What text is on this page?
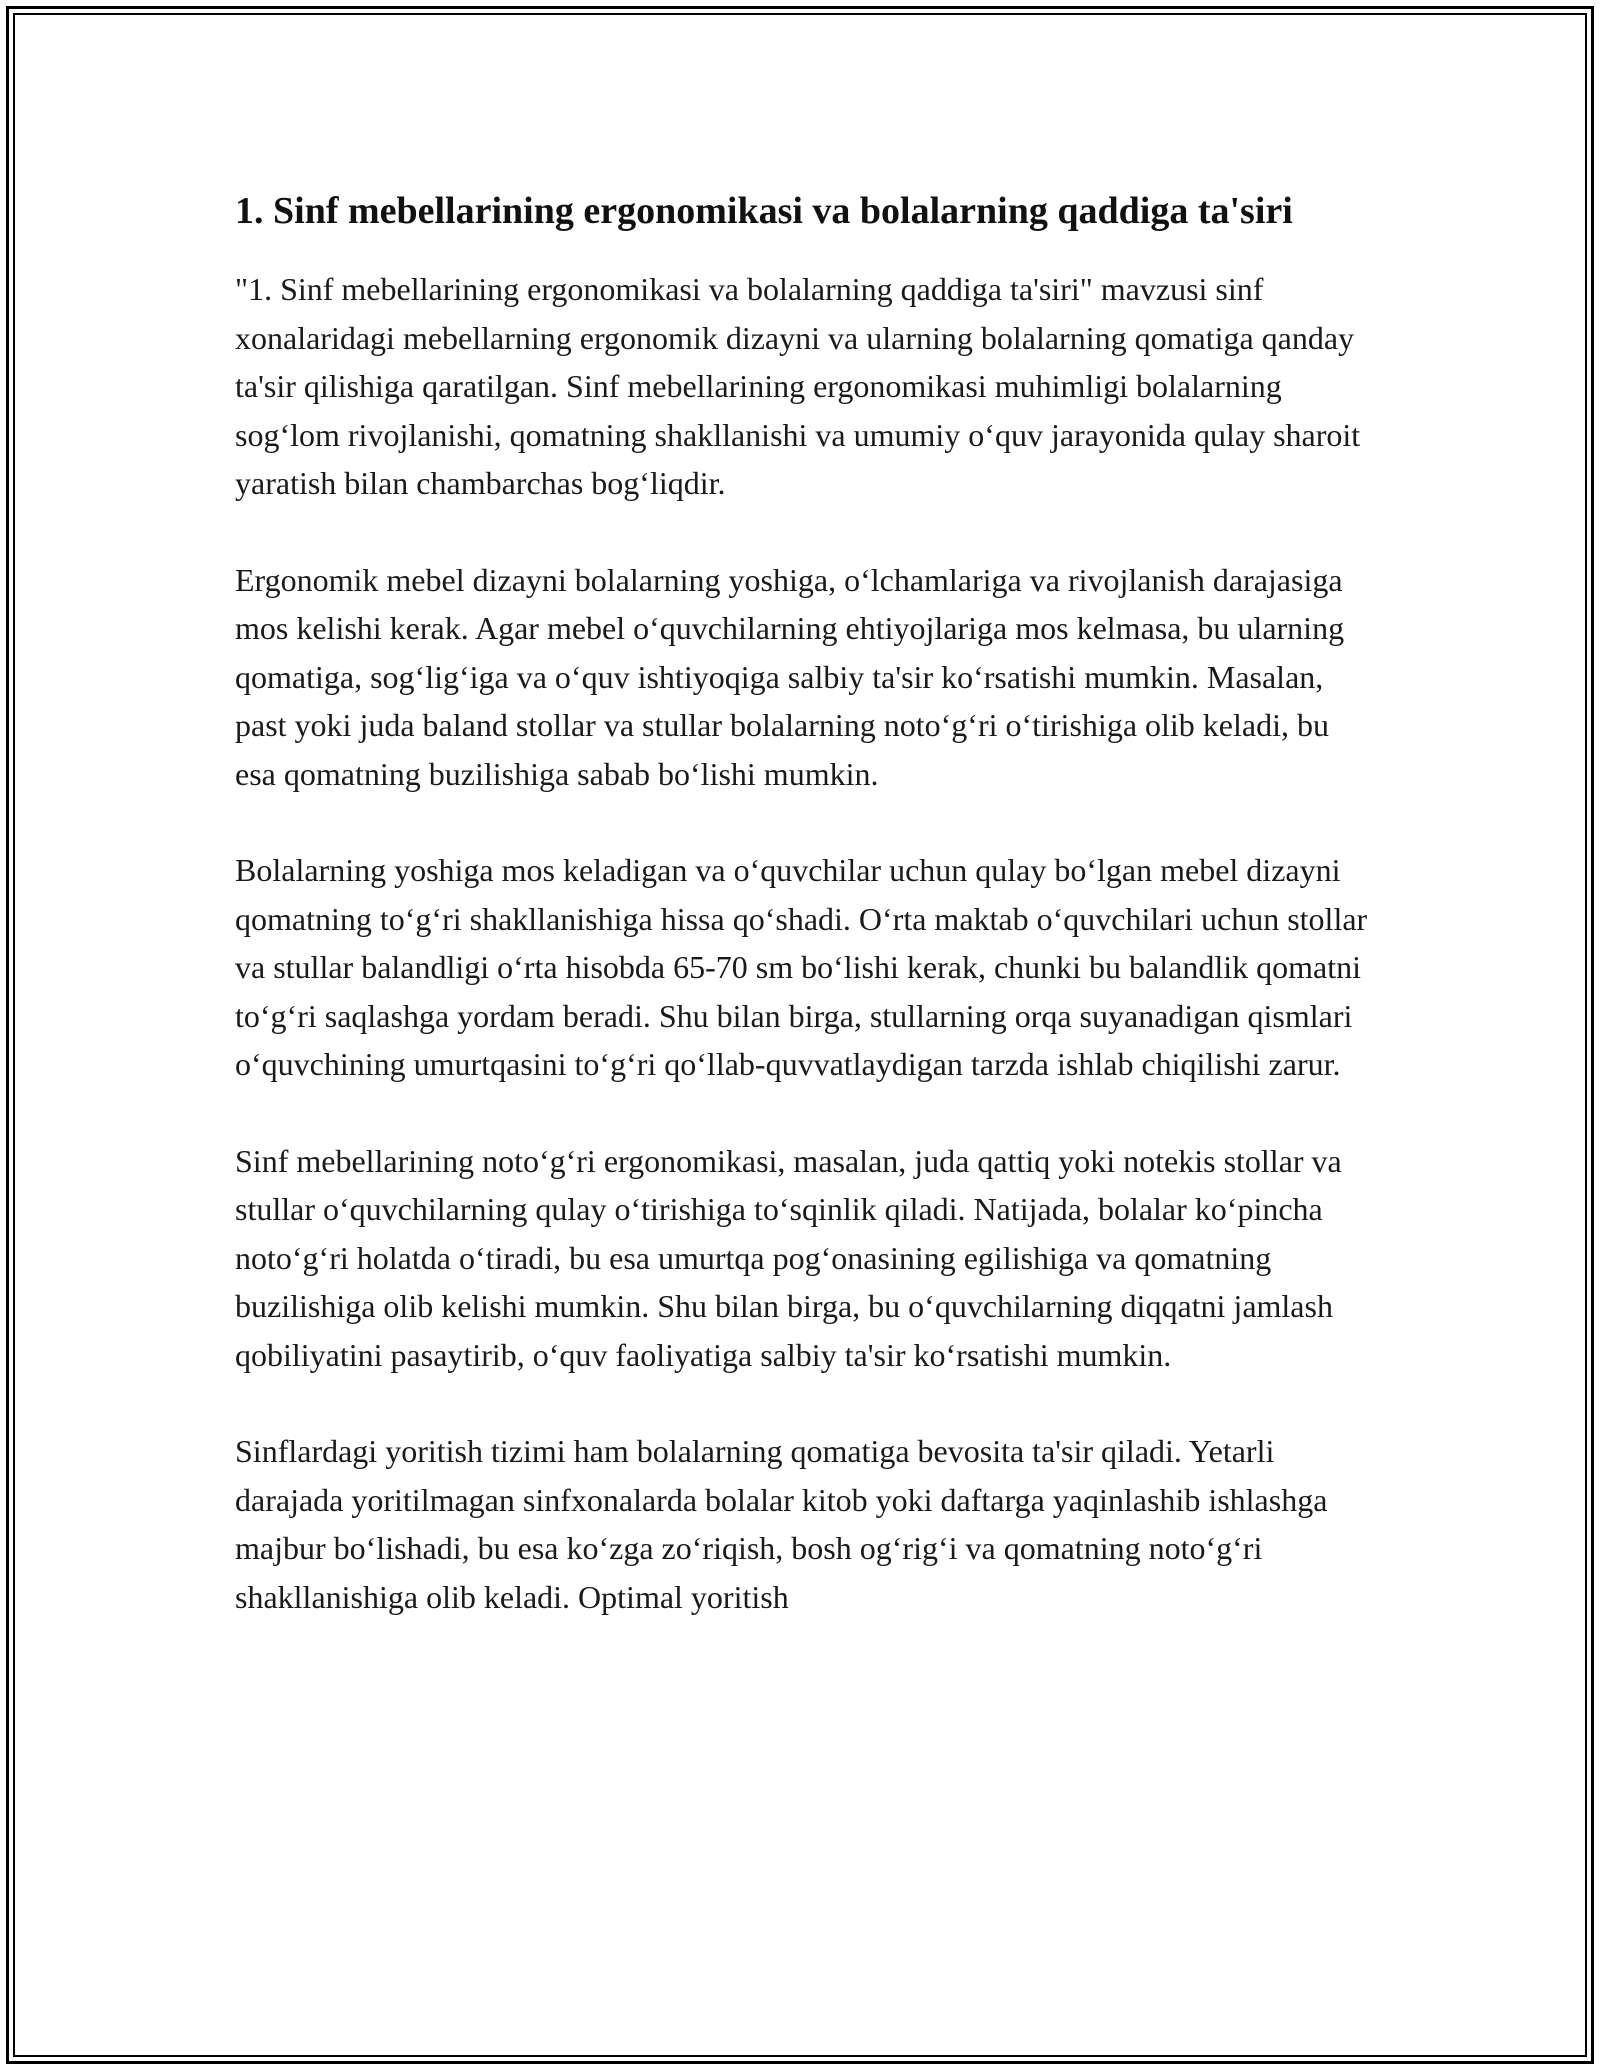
1. Sinf mebellarining ergonomikasi va bolalarning qaddiga ta'siri

"1. Sinf mebellarining ergonomikasi va bolalarning qaddiga ta'siri" mavzusi sinf xonalaridagi mebellarning ergonomik dizayni va ularning bolalarning qomatiga qanday ta'sir qilishiga qaratilgan. Sinf mebellarining ergonomikasi muhimligi bolalarning sog‘lom rivojlanishi, qomatning shakllanishi va umumiy o‘quv jarayonida qulay sharoit yaratish bilan chambarchas bog‘liqdir.

Ergonomik mebel dizayni bolalarning yoshiga, o‘lchamlariga va rivojlanish darajasiga mos kelishi kerak. Agar mebel o‘quvchilarning ehtiyojlariga mos kelmasa, bu ularning qomatiga, sog‘lig‘iga va o‘quv ishtiyoqiga salbiy ta'sir ko‘rsatishi mumkin. Masalan, past yoki juda baland stollar va stullar bolalarning noto‘g‘ri o‘tirishiga olib keladi, bu esa qomatning buzilishiga sabab bo‘lishi mumkin.

Bolalarning yoshiga mos keladigan va o‘quvchilar uchun qulay bo‘lgan mebel dizayni qomatning to‘g‘ri shakllanishiga hissa qo‘shadi. O‘rta maktab o‘quvchilari uchun stollar va stullar balandligi o‘rta hisobda 65-70 sm bo‘lishi kerak, chunki bu balandlik qomatni to‘g‘ri saqlashga yordam beradi. Shu bilan birga, stullarning orqa suyanadigan qismlari o‘quvchining umurtqasini to‘g‘ri qo‘llab-quvvatlaydigan tarzda ishlab chiqilishi zarur.

Sinf mebellarining noto‘g‘ri ergonomikasi, masalan, juda qattiq yoki notekis stollar va stullar o‘quvchilarning qulay o‘tirishiga to‘sqinlik qiladi. Natijada, bolalar ko‘pincha noto‘g‘ri holatda o‘tiradi, bu esa umurtqa pog‘onasining egilishiga va qomatning buzilishiga olib kelishi mumkin. Shu bilan birga, bu o‘quvchilarning diqqatni jamlash qobiliyatini pasaytirib, o‘quv faoliyatiga salbiy ta'sir ko‘rsatishi mumkin.

Sinflardagi yoritish tizimi ham bolalarning qomatiga bevosita ta'sir qiladi. Yetarli darajada yoritilmagan sinfxonalarda bolalar kitob yoki daftarga yaqinlashib ishlashga majbur bo‘lishadi, bu esa ko‘zga zo‘riqish, bosh og‘rig‘i va qomatning noto‘g‘ri shakllanishiga olib keladi. Optimal yoritish
